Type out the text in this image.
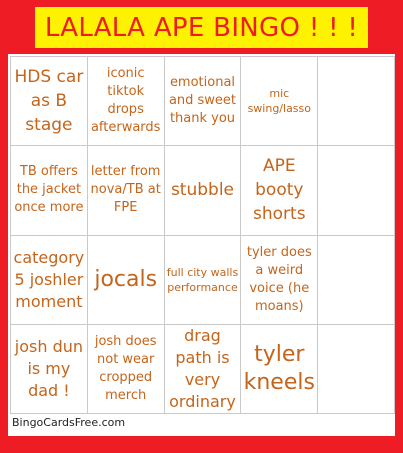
LALALA APE BINGO ! ! !
HDS car as B stage
iconic tiktok drops afterwards
emotional and sweet thank you
mic swing/lasso
TB offers the jacket once more
letter from nova/TB at FPE
stubble
APE booty shorts
category 5 joshler moment
jocals full city walls performance
tyler does a weird voice (he moans)
josh dun is my dad !
josh does not wear cropped merch
drag path is very ordinary
tyler kneels
BingoCardsFree.com
